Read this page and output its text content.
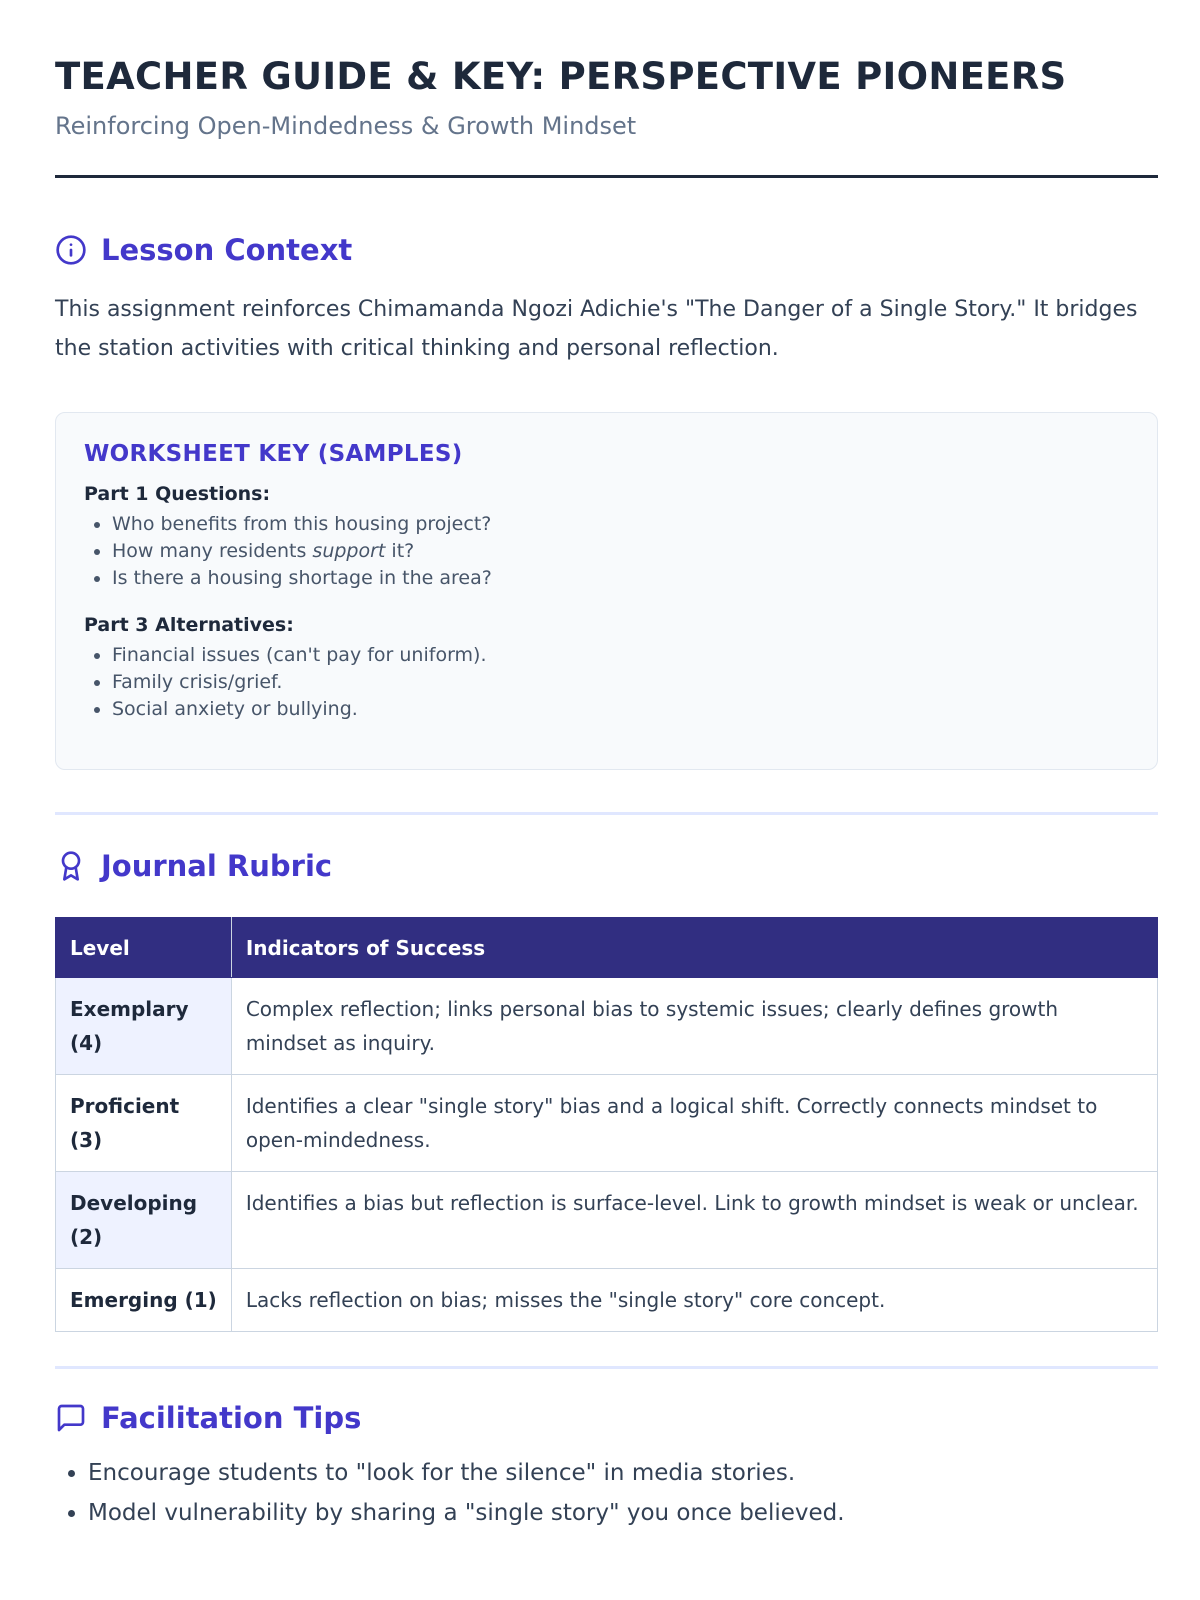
TEACHER GUIDE & KEY: PERSPECTIVE PIONEERS

Reinforcing Open-Mindedness & Growth Mindset

Lesson Context

This assignment reinforces Chimamanda Ngozi Adichie's "The Danger of a Single Story." It bridges the station activities with critical thinking and personal reflection.

WORKSHEET KEY (SAMPLES)
Part 1 Questions:
• Who benefits from this housing project?
• How many residents support it?
• Is there a housing shortage in the area?
Part 3 Alternatives:
• Financial issues (can't pay for uniform).
• Family crisis/grief.
• Social anxiety or bullying.
Journal Rubric
Level	Indicators of Success
Exemplary (4)	Complex reflection; links personal bias to systemic issues; clearly defines growth mindset as inquiry.
Proficient (3)	Identifies a clear "single story" bias and a logical shift. Correctly connects mindset to open-mindedness.
Developing (2)	Identifies a bias but reflection is surface-level. Link to growth mindset is weak or unclear.
Emerging (1)	Lacks reflection on bias; misses the "single story" core concept.
Facilitation Tips
• Encourage students to "look for the silence" in media stories.
• Model vulnerability by sharing a "single story" you once believed.
